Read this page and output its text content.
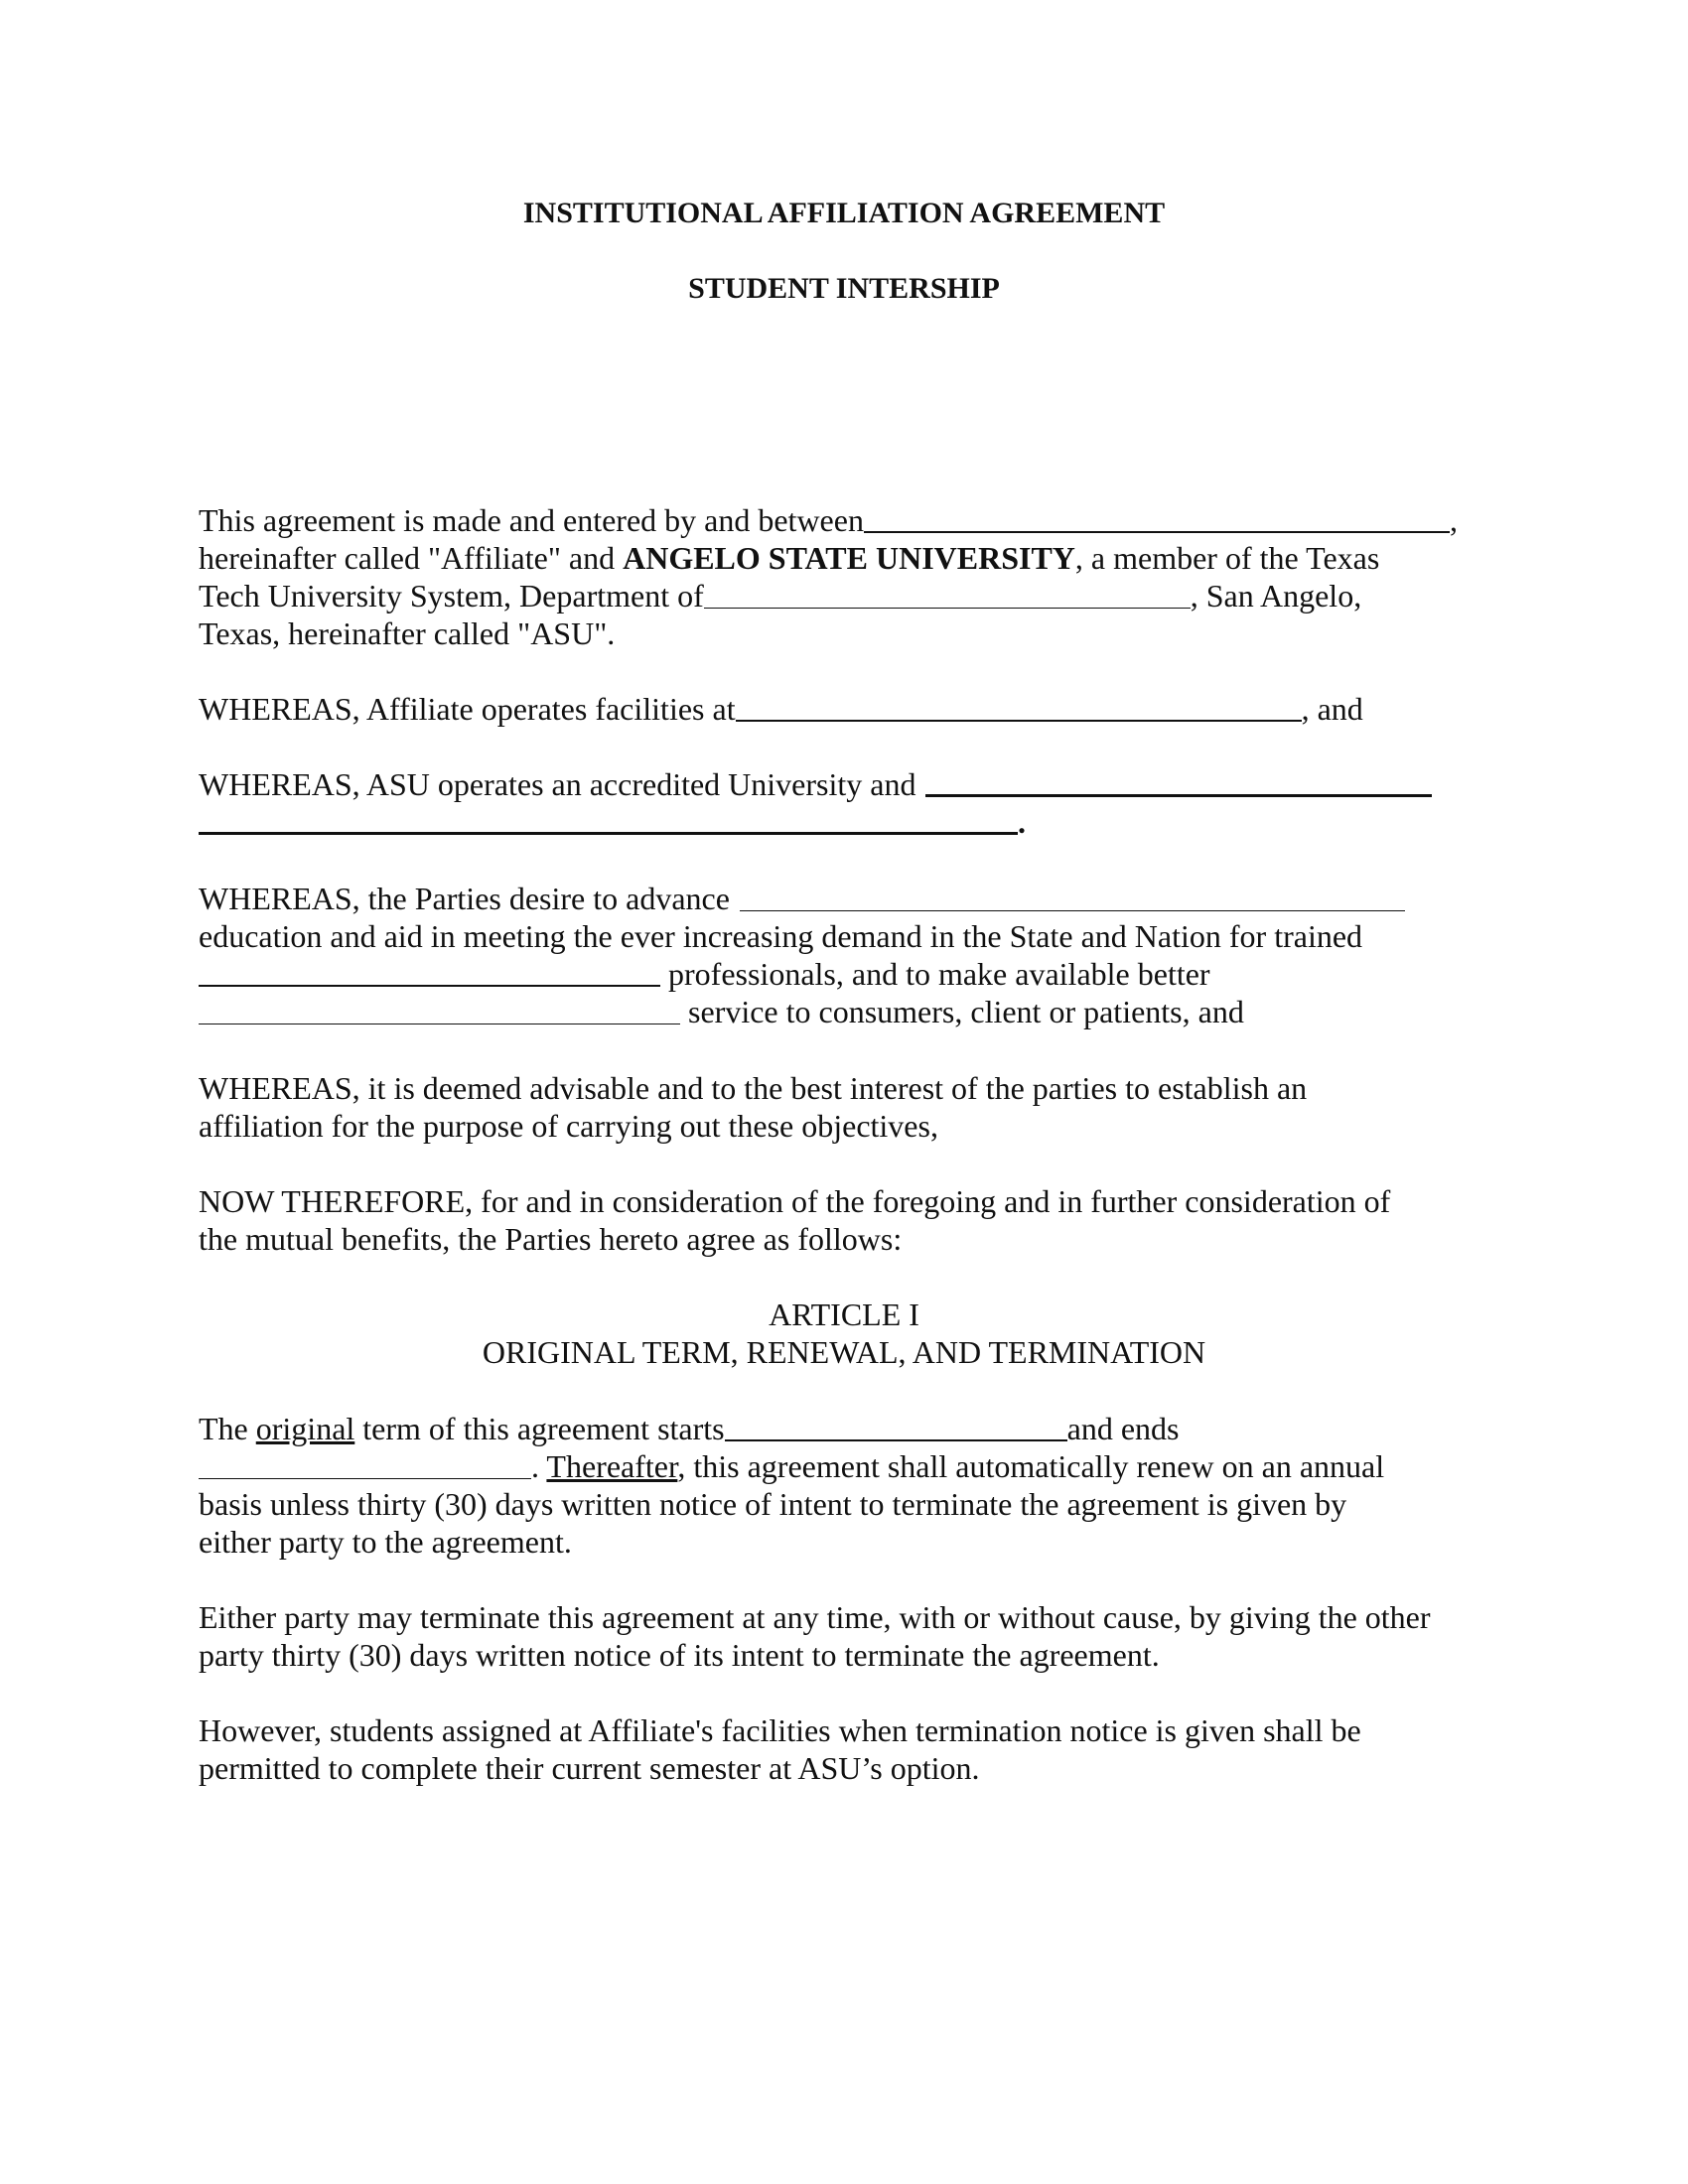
INSTITUTIONAL AFFILIATION AGREEMENT
STUDENT INTERSHIP
This agreement is made and entered by and between	,
hereinafter called "Affiliate" and ANGELO STATE UNIVERSITY, a member of the Texas
Tech University System, Department of	, San Angelo,
Texas, hereinafter called "ASU".
WHEREAS, Affiliate operates facilities at	, and
WHEREAS, ASU operates an accredited University and
.
WHEREAS, the Parties desire to advance
education and aid in meeting the ever increasing demand in the State and Nation for trained
professionals, and to make available better
service to consumers, client or patients, and
WHEREAS, it is deemed advisable and to the best interest of the parties to establish an
affiliation for the purpose of carrying out these objectives,
NOW THEREFORE, for and in consideration of the foregoing and in further consideration of
the mutual benefits, the Parties hereto agree as follows:
ARTICLE I
ORIGINAL TERM, RENEWAL, AND TERMINATION
The original term of this agreement starts	and ends
. Thereafter, this agreement shall automatically renew on an annual
basis unless thirty (30) days written notice of intent to terminate the agreement is given by
either party to the agreement.
Either party may terminate this agreement at any time, with or without cause, by giving the other
party thirty (30) days written notice of its intent to terminate the agreement.
However, students assigned at Affiliate's facilities when termination notice is given shall be
permitted to complete their current semester at ASU’s option.
